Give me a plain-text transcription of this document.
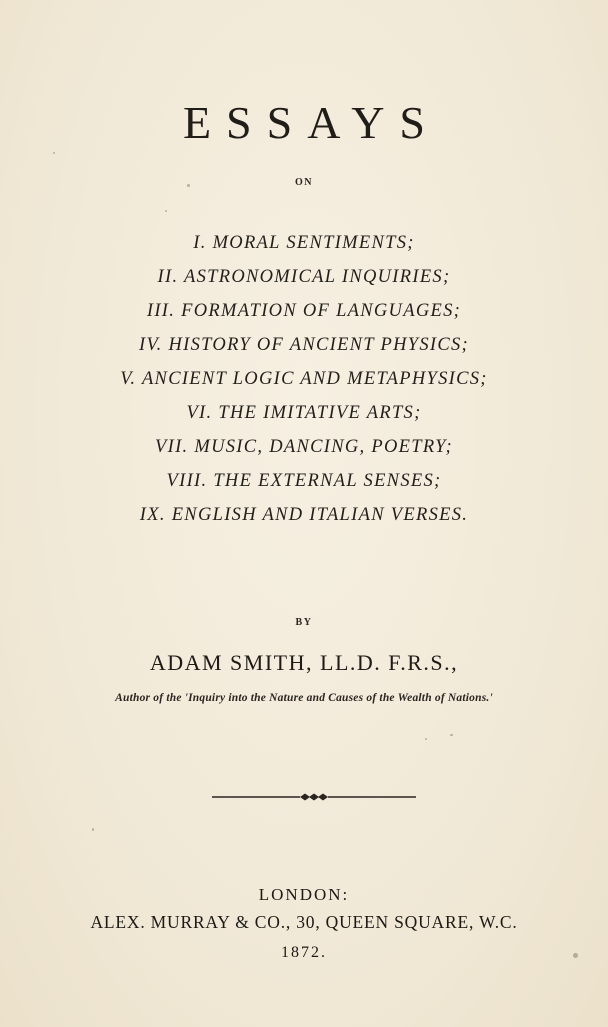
ESSAYS
ON
I. MORAL SENTIMENTS;
II. ASTRONOMICAL INQUIRIES;
III. FORMATION OF LANGUAGES;
IV. HISTORY OF ANCIENT PHYSICS;
V. ANCIENT LOGIC AND METAPHYSICS;
VI. THE IMITATIVE ARTS;
VII. MUSIC, DANCING, POETRY;
VIII. THE EXTERNAL SENSES;
IX. ENGLISH AND ITALIAN VERSES.
BY
ADAM SMITH, LL.D. F.R.S.,
Author of the 'Inquiry into the Nature and Causes of the Wealth of Nations.'
LONDON:
ALEX. MURRAY & CO., 30, QUEEN SQUARE, W.C.
1872.
